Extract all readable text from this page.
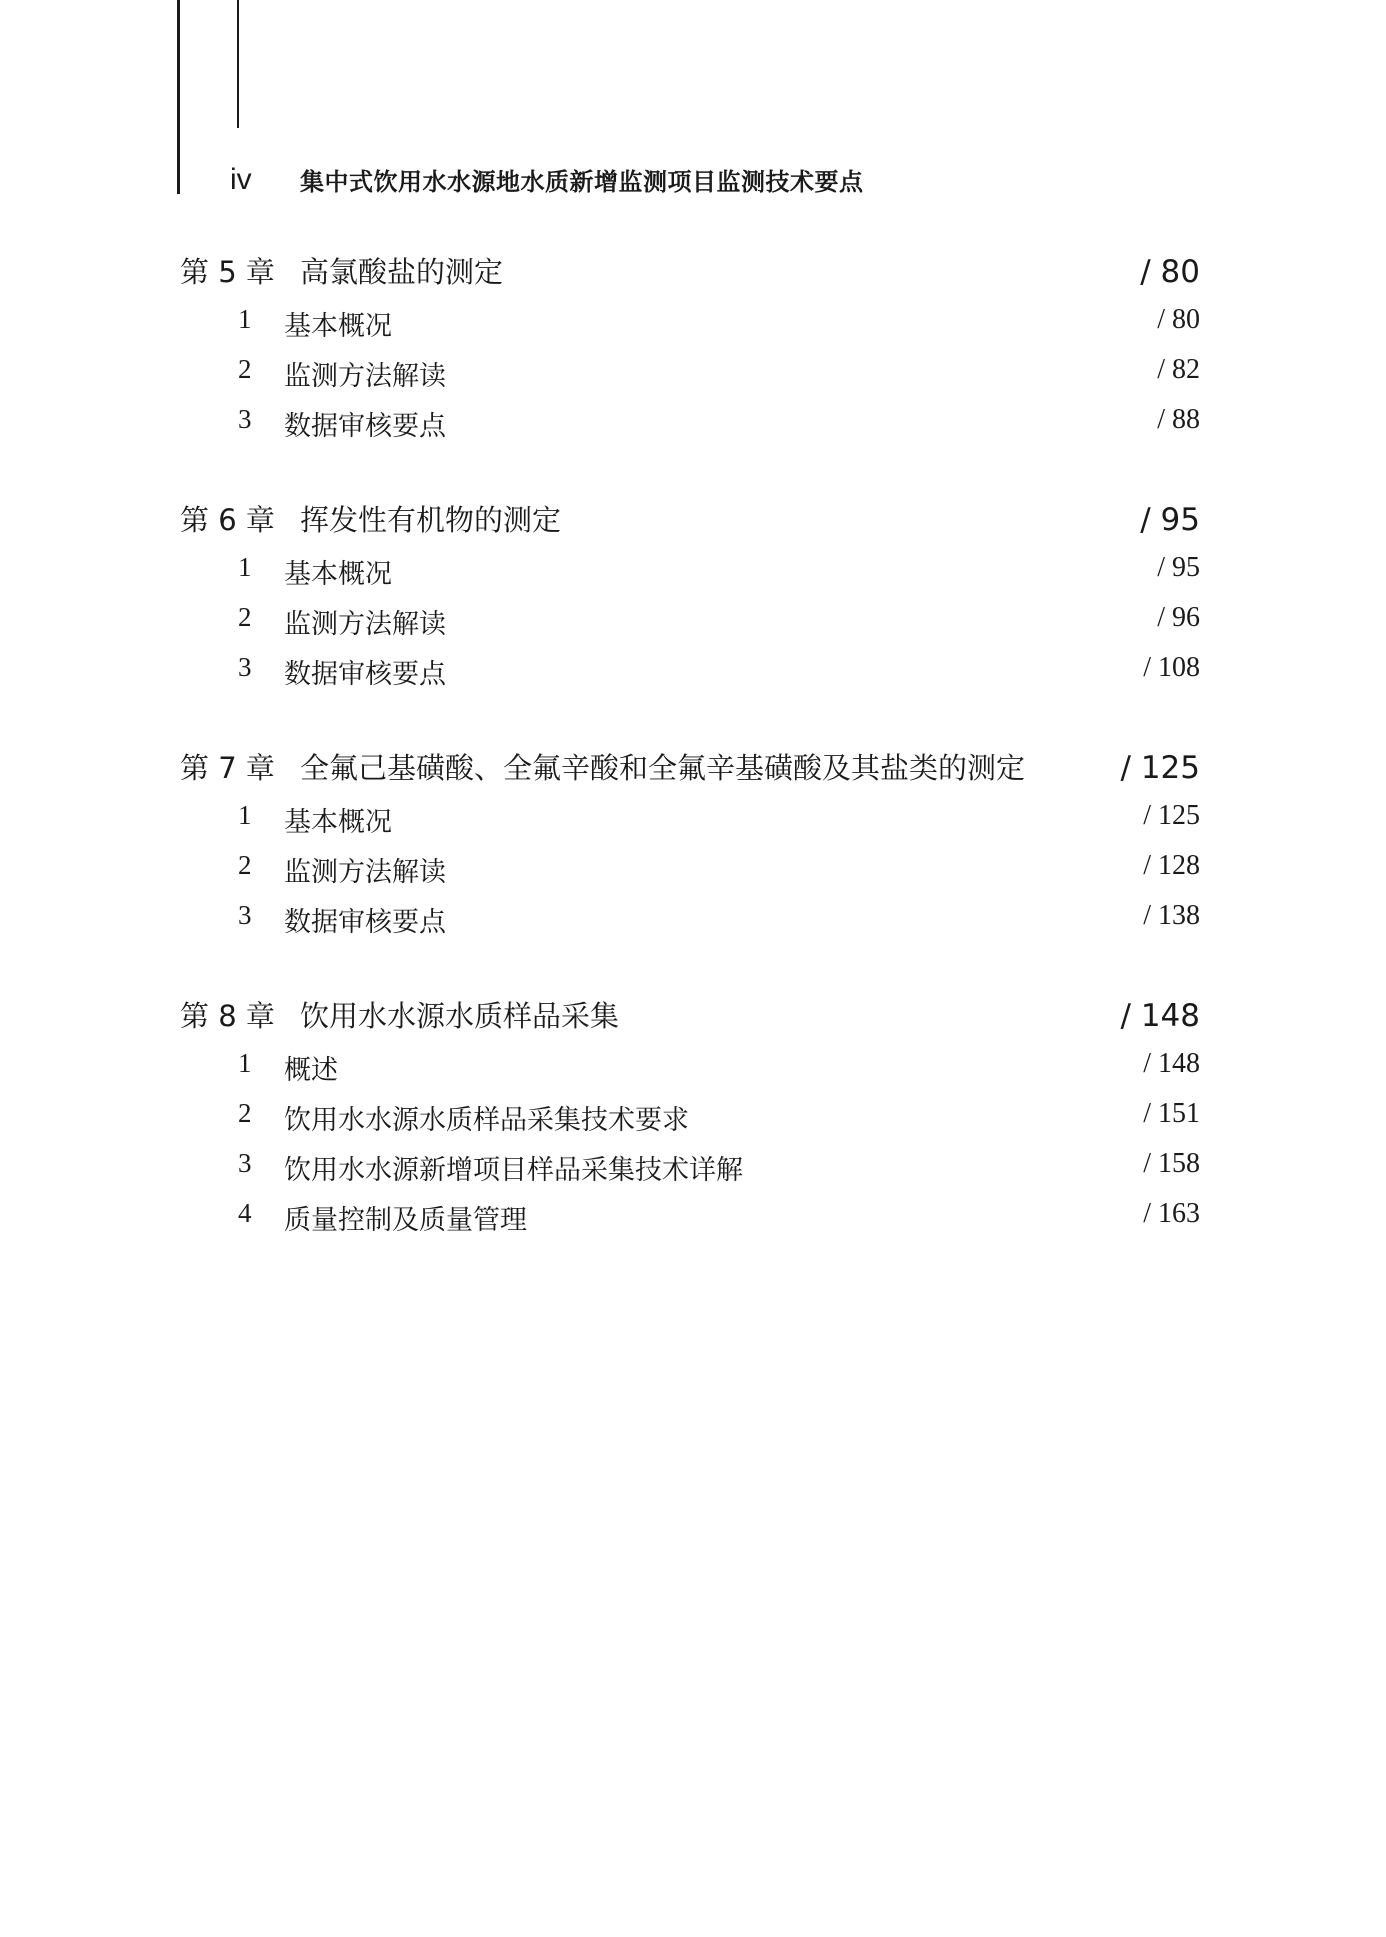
iv	集中式饮用水水源地水质新增监测项目监测技术要点
第 5 章 高氯酸盐的测定	/ 80
1	基本概况	/ 80
2	监测方法解读	/ 82
3	数据审核要点	/ 88
第 6 章 挥发性有机物的测定	/ 95
1	基本概况	/ 95
2	监测方法解读	/ 96
3	数据审核要点	/ 108
第 7 章 全氟己基磺酸、全氟辛酸和全氟辛基磺酸及其盐类的测定	/ 125
1	基本概况	/ 125
2	监测方法解读	/ 128
3	数据审核要点	/ 138
第 8 章 饮用水水源水质样品采集	/ 148
1	概述	/ 148
2	饮用水水源水质样品采集技术要求	/ 151
3	饮用水水源新增项目样品采集技术详解	/ 158
4	质量控制及质量管理	/ 163
